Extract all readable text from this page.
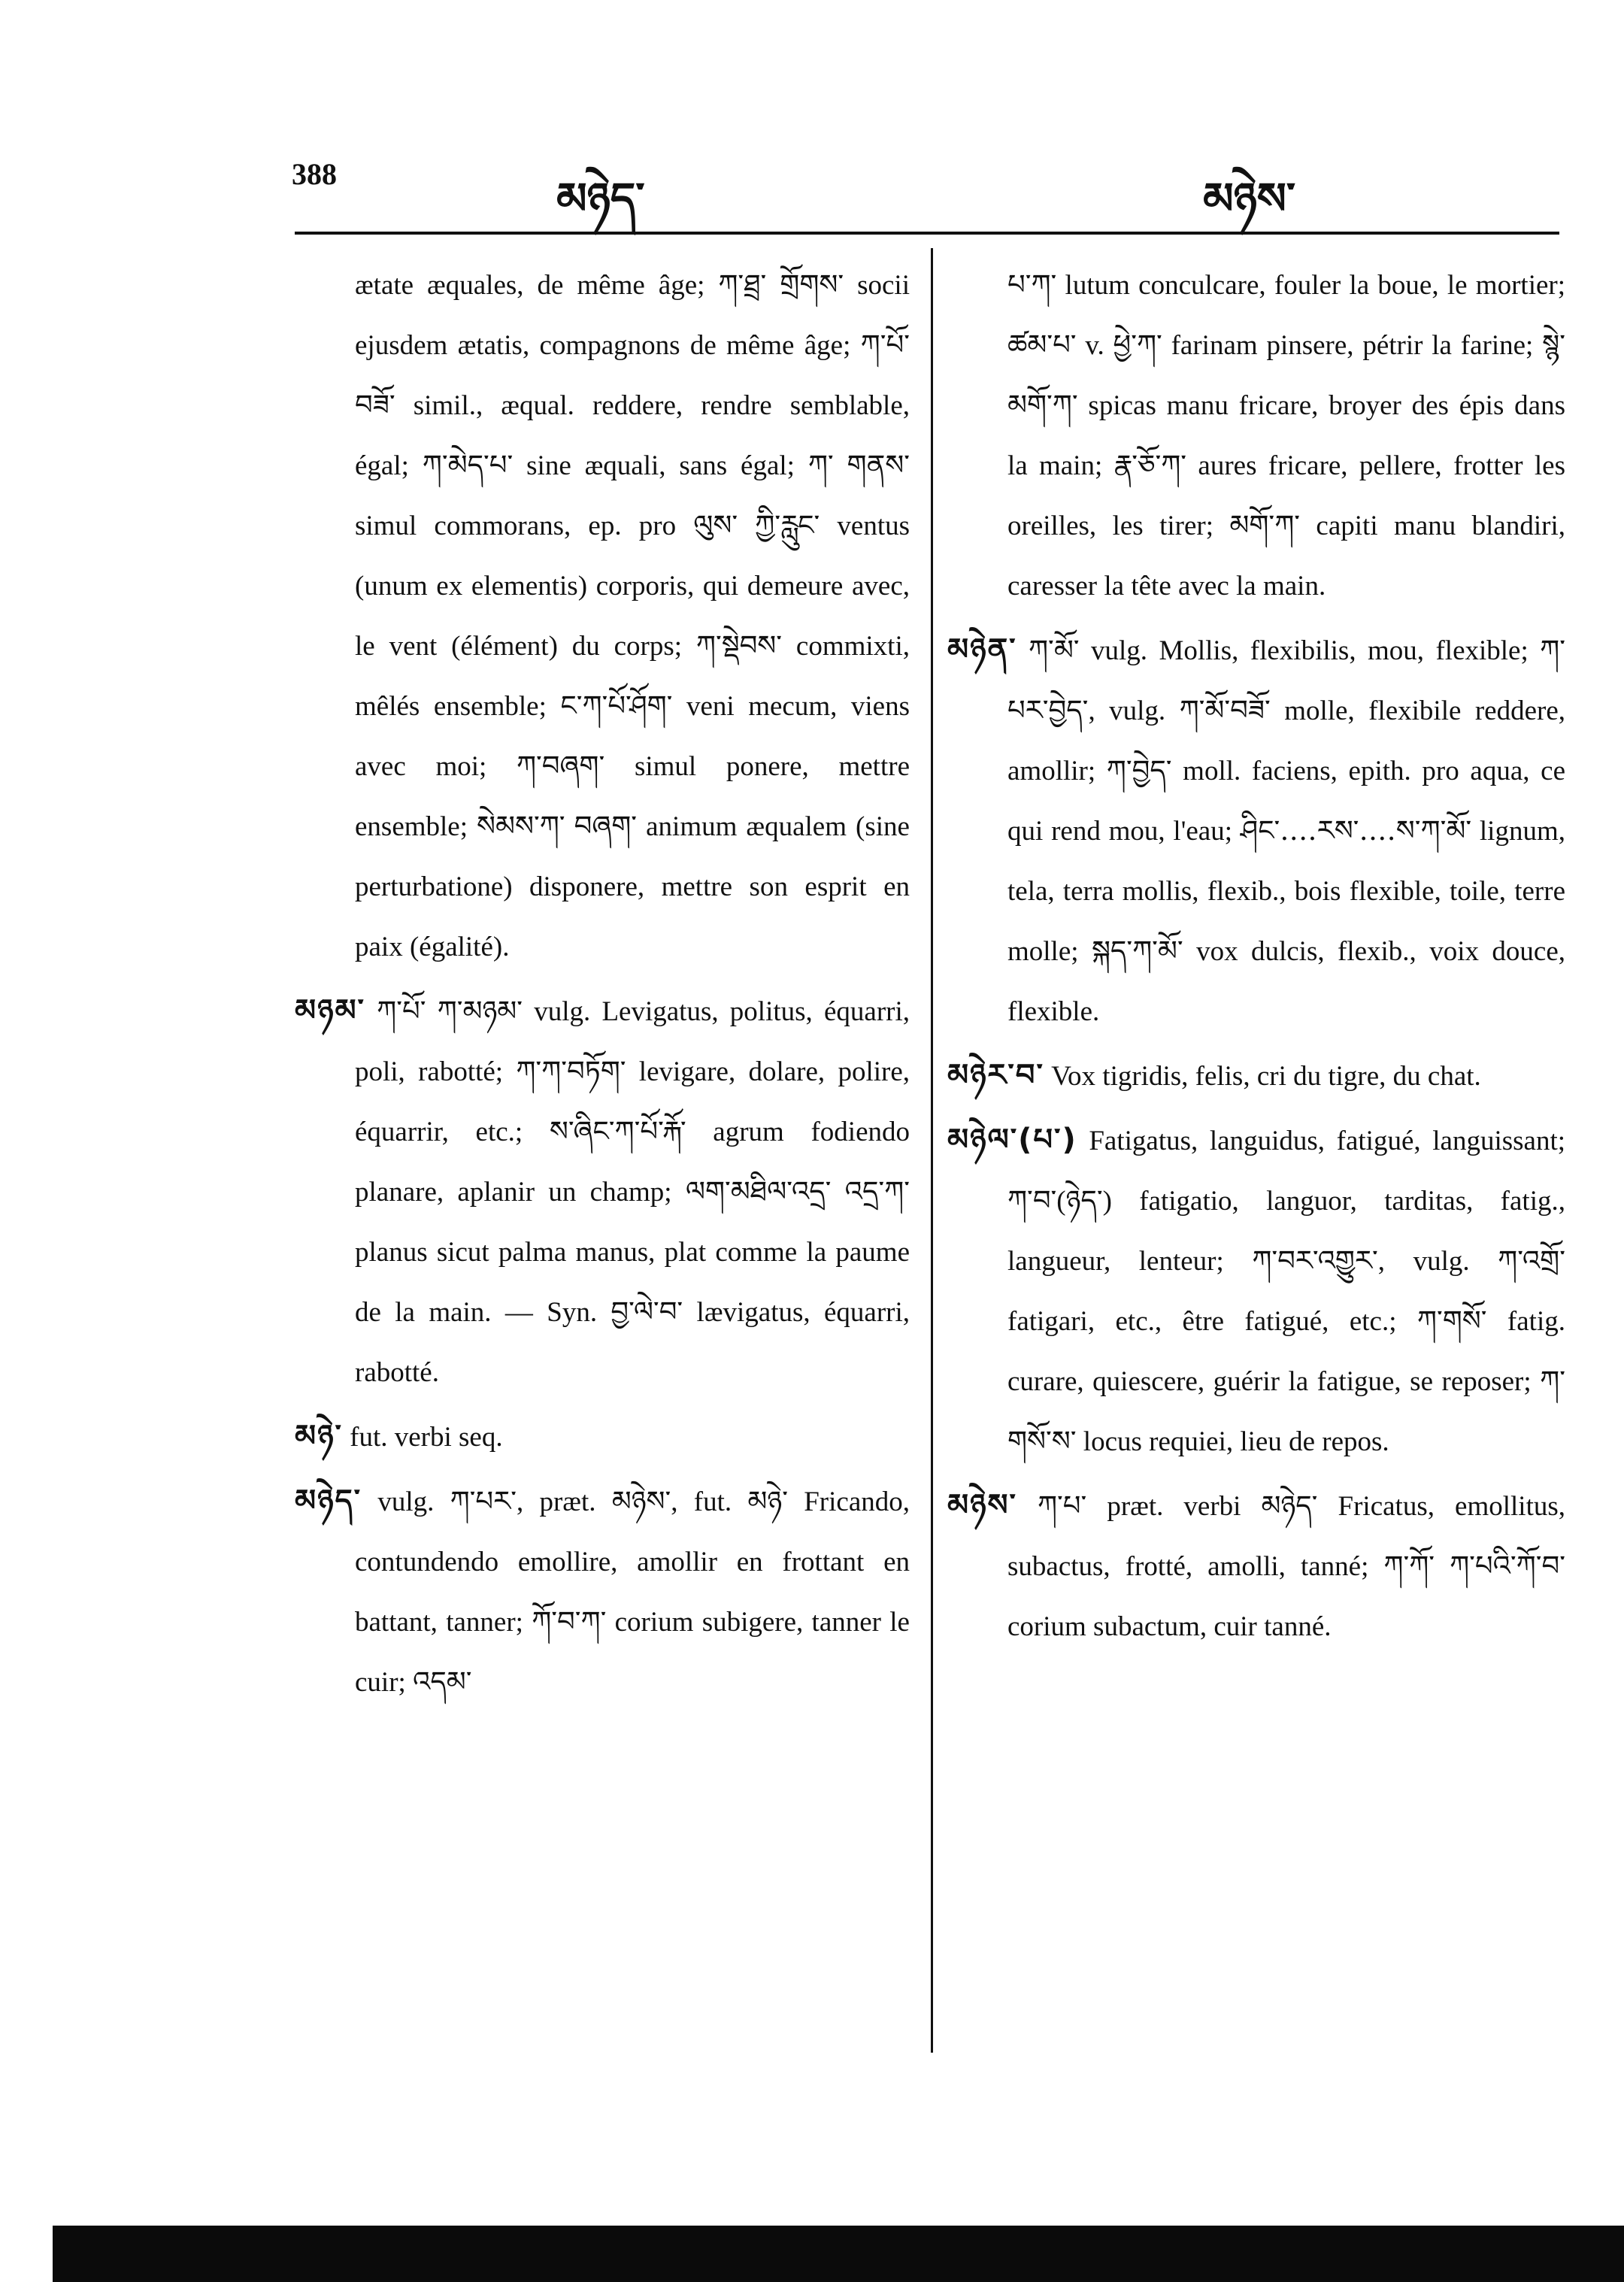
388	མཉེད་	མཉེས་

ætate æquales, de même âge; ཀ་ཐྲ་ གྲོགས་ socii ejusdem ætatis, compagnons de même âge; ཀ་པོ་བཟོ་ simil., æqual. reddere, rendre semblable, égal; ཀ་མེད་པ་ sine æquali, sans égal; ཀ་ གནས་ simul commorans, ep. pro ལུས་ ཀྱི་རླུང་ ventus (unum ex elementis) corporis, qui demeure avec, le vent (élément) du corps; ཀ་སྡེབས་ commixti, mêlés ensemble; ང་ཀ་པོ་ཤོག་ veni mecum, viens avec moi; ཀ་བཞག་ simul ponere, mettre ensemble; སེམས་ཀ་ བཞག་ animum æqualem (sine perturbatione) disponere, mettre son esprit en paix (égalité).

མཉམ་ ཀ་པོ་ ཀ་མཉམ་ vulg. Levigatus, politus, équarri, poli, rabotté; ཀ་ཀ་བཏོག་ levigare, dolare, polire, équarrir, etc.; ས་ཞིང་ཀ་པོ་རྐོ་ agrum fodiendo planare, aplanir un champ; ལག་མཐིལ་འདྲ་ འདྲ་ཀ་ planus sicut palma manus, plat comme la paume de la main. — Syn. བྱ་ལེ་བ་ lævigatus, équarri, rabotté.

མཉེ་ fut. verbi seq.

མཉེད་ vulg. ཀ་པར་, præt. མཉེས་, fut. མཉེ་ Fricando, contundendo emollire, amollir en frottant en battant, tanner; ཀོ་བ་ཀ་ corium subigere, tanner le cuir; འདམ་

པ་ཀ་ lutum conculcare, fouler la boue, le mortier; ཚམ་པ་ v. ཕྱེ་ཀ་ farinam pinsere, pétrir la farine; སྙེ་མགོ་ཀ་ spicas manu fricare, broyer des épis dans la main; རྣ་ཅོ་ཀ་ aures fricare, pellere, frotter les oreilles, les tirer; མགོ་ཀ་ capiti manu blandiri, caresser la tête avec la main.

མཉེན་ ཀ་མོ་ vulg. Mollis, flexibilis, mou, flexible; ཀ་པར་བྱེད་, vulg. ཀ་མོ་བཟོ་ molle, flexibile reddere, amollir; ཀ་བྱེད་ moll. faciens, epith. pro aqua, ce qui rend mou, l'eau; ཤིང་‥‥རས་‥‥ས་ཀ་མོ་ lignum, tela, terra mollis, flexib., bois flexible, toile, terre molle; སྐད་ཀ་མོ་ vox dulcis, flexib., voix douce, flexible.

མཉེར་བ་ Vox tigridis, felis, cri du tigre, du chat.

མཉེལ་(པ་) Fatigatus, languidus, fatigué, languissant; ཀ་བ་(ཉེད་) fatigatio, languor, tarditas, fatig., langueur, lenteur; ཀ་བར་འགྱུར་, vulg. ཀ་འགྲོ་ fatigari, etc., être fatigué, etc.; ཀ་གསོ་ fatig. curare, quiescere, guérir la fatigue, se reposer; ཀ་གསོ་ས་ locus requiei, lieu de repos.

མཉེས་ ཀ་པ་ præt. verbi མཉེད་ Fricatus, emollitus, subactus, frotté, amolli, tanné; ཀ་ཀོ་ ཀ་པའི་ཀོ་བ་ corium subactum, cuir tanné.
